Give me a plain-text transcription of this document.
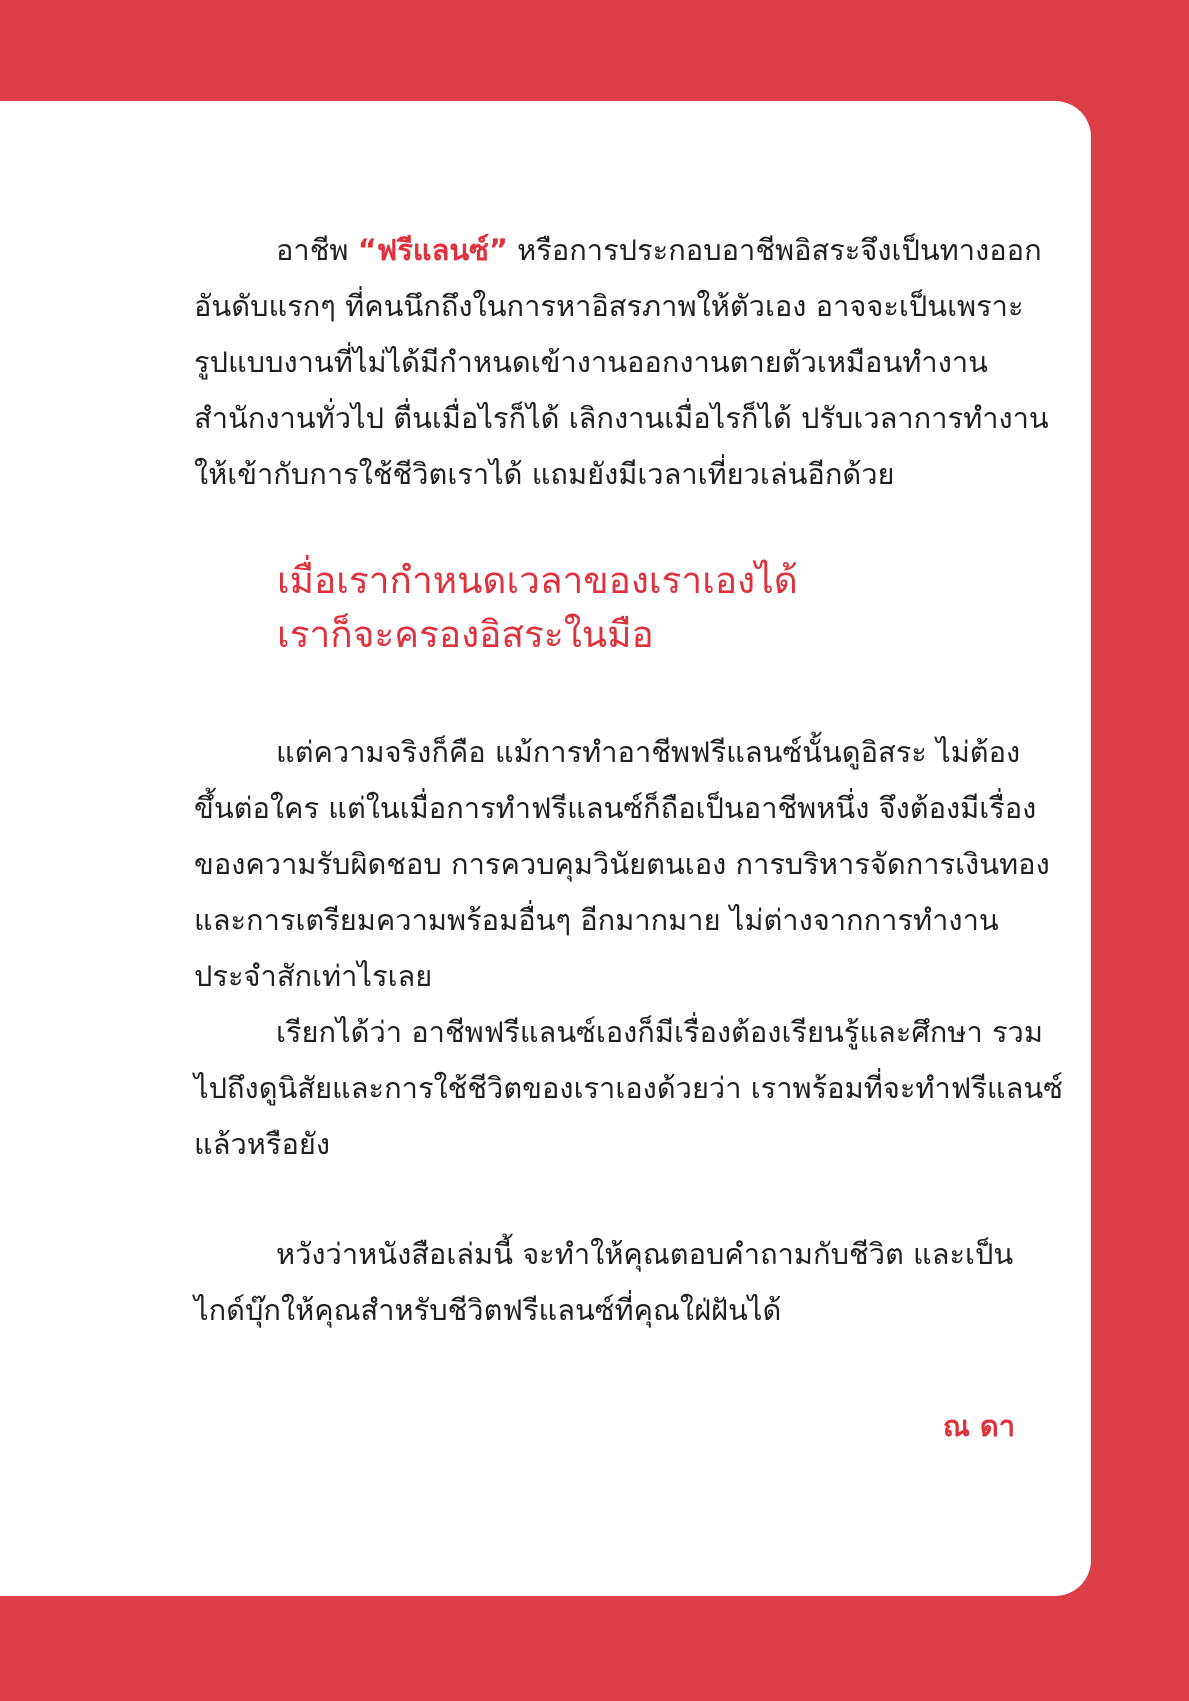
อาชีพ “ฟรีแลนซ์” หรือการประกอบอาชีพอิสระจึงเป็นทางออก
อันดับแรกๆ ที่คนนึกถึงในการหาอิสรภาพให้ตัวเอง อาจจะเป็นเพราะ
รูปแบบงานที่ไม่ได้มีกำหนดเข้างานออกงานตายตัวเหมือนทำงาน
สำนักงานทั่วไป ตื่นเมื่อไรก็ได้ เลิกงานเมื่อไรก็ได้ ปรับเวลาการทำงาน
ให้เข้ากับการใช้ชีวิตเราได้ แถมยังมีเวลาเที่ยวเล่นอีกด้วย
เมื่อเรากำหนดเวลาของเราเองได้
เราก็จะครองอิสระในมือ
แต่ความจริงก็คือ แม้การทำอาชีพฟรีแลนซ์นั้นดูอิสระ ไม่ต้อง
ขึ้นต่อใคร แต่ในเมื่อการทำฟรีแลนซ์ก็ถือเป็นอาชีพหนึ่ง จึงต้องมีเรื่อง
ของความรับผิดชอบ การควบคุมวินัยตนเอง การบริหารจัดการเงินทอง
และการเตรียมความพร้อมอื่นๆ อีกมากมาย ไม่ต่างจากการทำงาน
ประจำสักเท่าไรเลย
เรียกได้ว่า อาชีพฟรีแลนซ์เองก็มีเรื่องต้องเรียนรู้และศึกษา รวม
ไปถึงดูนิสัยและการใช้ชีวิตของเราเองด้วยว่า เราพร้อมที่จะทำฟรีแลนซ์
แล้วหรือยัง
หวังว่าหนังสือเล่มนี้ จะทำให้คุณตอบคำถามกับชีวิต และเป็น
ไกด์บุ๊กให้คุณสำหรับชีวิตฟรีแลนซ์ที่คุณใฝ่ฝันได้
ณ ดา
